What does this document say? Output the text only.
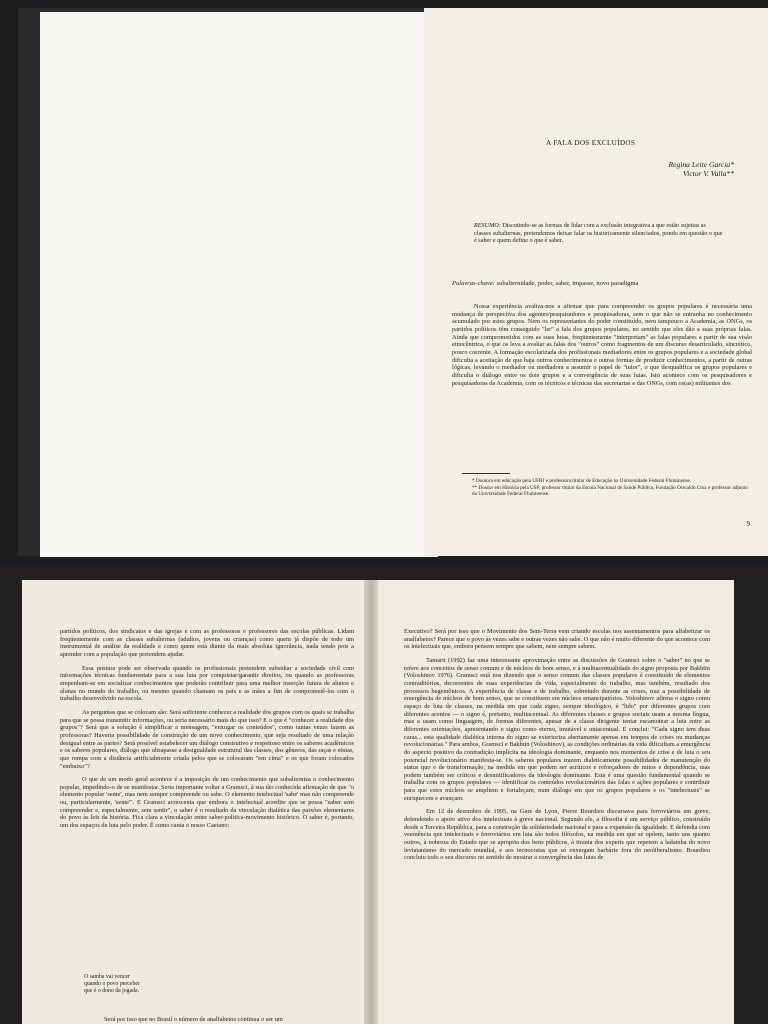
A FALA DOS EXCLUÍDOS
Regina Leite Garcia*
Victor V. Valla**
RESUMO: Discutindo-se as formas de lidar com a exclusão integrativa a que estão sujeitas as classes subalternas, pretendemos deixar falar os historicamente silenciados, pondo em questão o que é saber e quem define o que é saber.
Palavras-chave: subalternidade, poder, saber, impasse, novo paradigma

Nossa experiência avaliza-nos a afirmar que para compreender os grupos populares é necessária uma mudança de perspectiva dos agentes/pesquisadores e pesquisadoras, sem o que não se entranha no conhecimento acumulado por estes grupos. Nem os representantes do poder constituído, nem tampouco a Academia, as ONGs, os partidos políticos têm conseguido "ler" a fala dos grupos populares, no sentido que eles dão a suas próprias falas. Ainda que comprometidos com as suas lutas, freqüentemente "interpretam" as falas populares a partir de sua visão etnocêntrica, o que os leva a avaliar as falas dos "outros" como fragmentos de um discurso desarticulado, sincrético, pouco coerente. A formação escolarizada dos profissionais mediadores entre os grupos populares e a sociedade global dificulta a aceitação de que haja outros conhecimentos e outras formas de produzir conhecimentos, a partir de outras lógicas, levando o mediador ou mediadora a assumir o papel de "tutor", o que desqualifica os grupos populares e dificulta o diálogo entre os dois grupos e a convergência de suas lutas. Isto acontece com os pesquisadores e pesquisadoras da Academia, com os técnicos e técnicas das secretarias e das ONGs, com os(as) militantes dos

* Doutora em educação pela UFRJ e professora titular de Educação na Universidade Federal Fluminense.

** Doutor em História pela USP, professor titular da Escola Nacional de Saúde Pública, Fundação Oswaldo Cruz e professor adjunto da Universidade Federal Fluminense.

9

partidos políticos, dos sindicatos e das igrejas e com as professoras e professores das escolas públicas. Lidam freqüentemente com as classes subalternas (adultos, jovens ou crianças) como quem já dispõe de todo um instrumental de análise da realidade e como quem está diante da mais absoluta ignorância, nada tendo pois a aprender com a população que pretendem ajudar.

Essa postura pode ser observada quando os profissionais pretendem subsidiar a sociedade civil com informações técnicas fundamentais para a sua luta por conquistar/garantir direitos, ou quando as professoras empenham-se em socializar conhecimentos que poderão contribuir para uma melhor inserção futura de alunos e alunas no mundo do trabalho, ou mesmo quando chamam os pais e as mães a fim de comprometê-los com o trabalho desenvolvido na escola.

As perguntas que se colocam são: Será suficiente conhecer a realidade dos grupos com os quais se trabalha para que se possa transmitir informações, ou seria necessário mais do que isso? E o que é "conhecer a realidade dos grupos"? Será que a solução é simplificar a mensagem, "enxugar os conteúdos", como tantas vezes fazem as professoras? Haveria possibilidade de construção de um novo conhecimento, que seja resultado de uma relação desigual entre as partes? Será possível estabelecer um diálogo construtivo e respeitoso entre os saberes acadêmicos e os saberes populares, diálogo que ultrapasse a desigualdade estrutural das classes, dos gêneros, das raças e etnias, que rompa com a distância artificialmente criada pelos que se colocaram "em cima" e os que foram colocados "embaixo"?

O que de um modo geral acontece é a imposição de um conhecimento que subalterniza o conhecimento popular, impedindo-o de se manifestar. Seria importante voltar a Gramsci, à sua tão conhecida afirmação de que "o elemento popular 'sente', mas nem sempre compreende ou sabe. O elemento intelectual 'sabe' mas não compreende ou, particularmente, 'sente'". E Gramsci acrescenta que embora o intelectual acredite que se possa "saber sem compreender e, especialmente, sem sentir", o saber é o resultado da vinculação dialética das paixões elementares do povo às leis da história. Fica clara a vinculação entre saber-política-movimento histórico. O saber é, portanto, um dos espaços de luta pelo poder. É como canta o nosso Caetano:

O samba vai vencer
quando o povo perceber
que é o dono da jogada.
Será por isso que no Brasil o número de analfabetos continua o ser um

Executivo? Será por isso que o Movimento dos Sem-Terra vem criando escolas nos assentamentos para alfabetizar os analfabetos? Parece que o povo às vezes sabe e outras vezes não sabe. O que não é muito diferente do que acontece com os intelectuais que, embora pensem sempre que sabem, nem sempre sabem.

Tamarit (1992) faz uma interessante aproximação entre as discussões de Gramsci sobre o "saber" no que se refere aos conceitos de senso comum e de núcleos de bom senso, e à multiacentualidade do signo proposta por Bakhtin (Voloshinov 1976). Gramsci está nos dizendo que o senso comum das classes populares é constituído de elementos contraditórios, decorrentes de suas experiências de vida, especialmente do trabalho, mas também, resultado dos processos hegemônicos. A experiência de classe e de trabalho, sobretudo durante as crises, traz a possibilidade de emergência de núcleos de bom senso, que se constituem em núcleos emancipatórios. Voloshinov afirma o signo como espaço de luta de classes, na medida em que cada signo, sempre ideológico, é "lido" por diferentes grupos com diferentes acentos — o signo é, portanto, multiacentual. As diferentes classes e grupos sociais usam a mesma língua, mas a usam como linguagem, de formas diferentes, apesar de a classe dirigente tentar escamotear a luta entre as diferentes orientações, apresentando o signo como eterno, imutável e uniacentual. E conclui: "Cada signo tem duas caras... esta qualidade dialética interna do signo se exterioriza abertamente apenas em tempos de crises ou mudanças revolucionárias." Para ambos, Gramsci e Bakhtin (Voloshinov), as condições ordinárias da vida dificultam a emergência do aspecto positivo da contradição implícita na ideologia dominante, enquanto nos momentos de crise e de luta o seu potencial revolucionário manifesta-se. Os saberes populares trazem dialeticamente possibilidades de manutenção do status quo e de transformação, na medida em que podem ser acríticos e reforçadores de mitos e dependência, mas podem também ser críticos e desmitificadores da ideologia dominante. Esta é uma questão fundamental quando se trabalha com os grupos populares — identificar os conteúdos revolucionários das falas e ações populares e contribuir para que estes núcleos se ampliem e fortaleçam, num diálogo em que os grupos populares e os "intelectuais" se enriquecem e avançam.

Em 12 de dezembro de 1995, na Gare de Lyon, Pierre Bourdieu discursava para ferroviários em greve, defendendo o apoio ativo dos intelectuais à greve nacional. Segundo ele, a filosofia é um serviço público, construído desde a Terceira República, para a construção da solidariedade nacional e para a expansão da igualdade. E defendia com veemência que intelectuais e ferroviários em luta são todos filósofos, na medida em que se opõem, tanto uns quanto outros, à nobreza do Estado que se apropria dos bens públicos, à tirania dos experts que repetem a ladainha do novo leviatanismo do mercado mundial, e aos tecnocratas que só enxergam barbárie fora do neoliberalismo. Bourdieu concluiu todo o seu discurso no sentido de mostrar a convergência das lutas de
